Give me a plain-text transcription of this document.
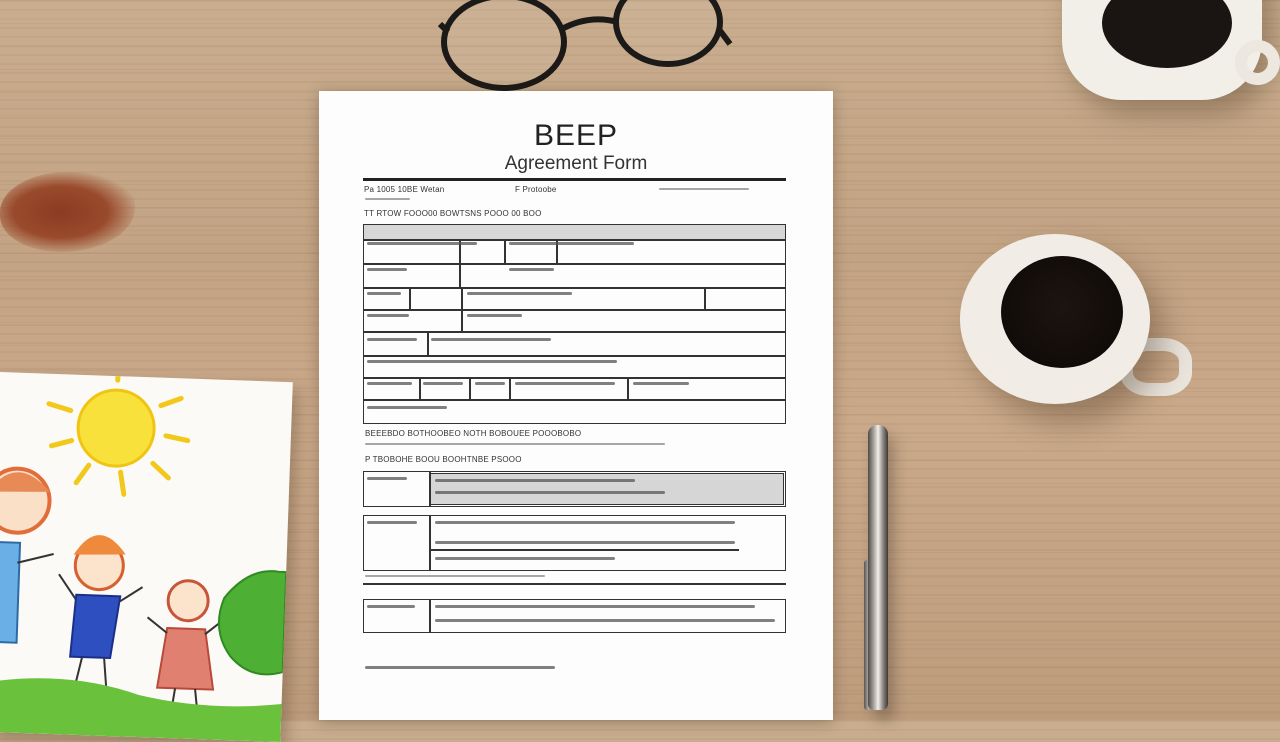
BEEP
Agreement Form
Pa 1005 10BE Wetan	F Protoobe
TT RTOW FOOO00 BOWTSNS POOO 00 BOO
BEEEBDO BOTHOOBEO NOTH BOBOUEE POOOBOBO
P TBOBOHE BOOU BOOHTNBE PSOOO
